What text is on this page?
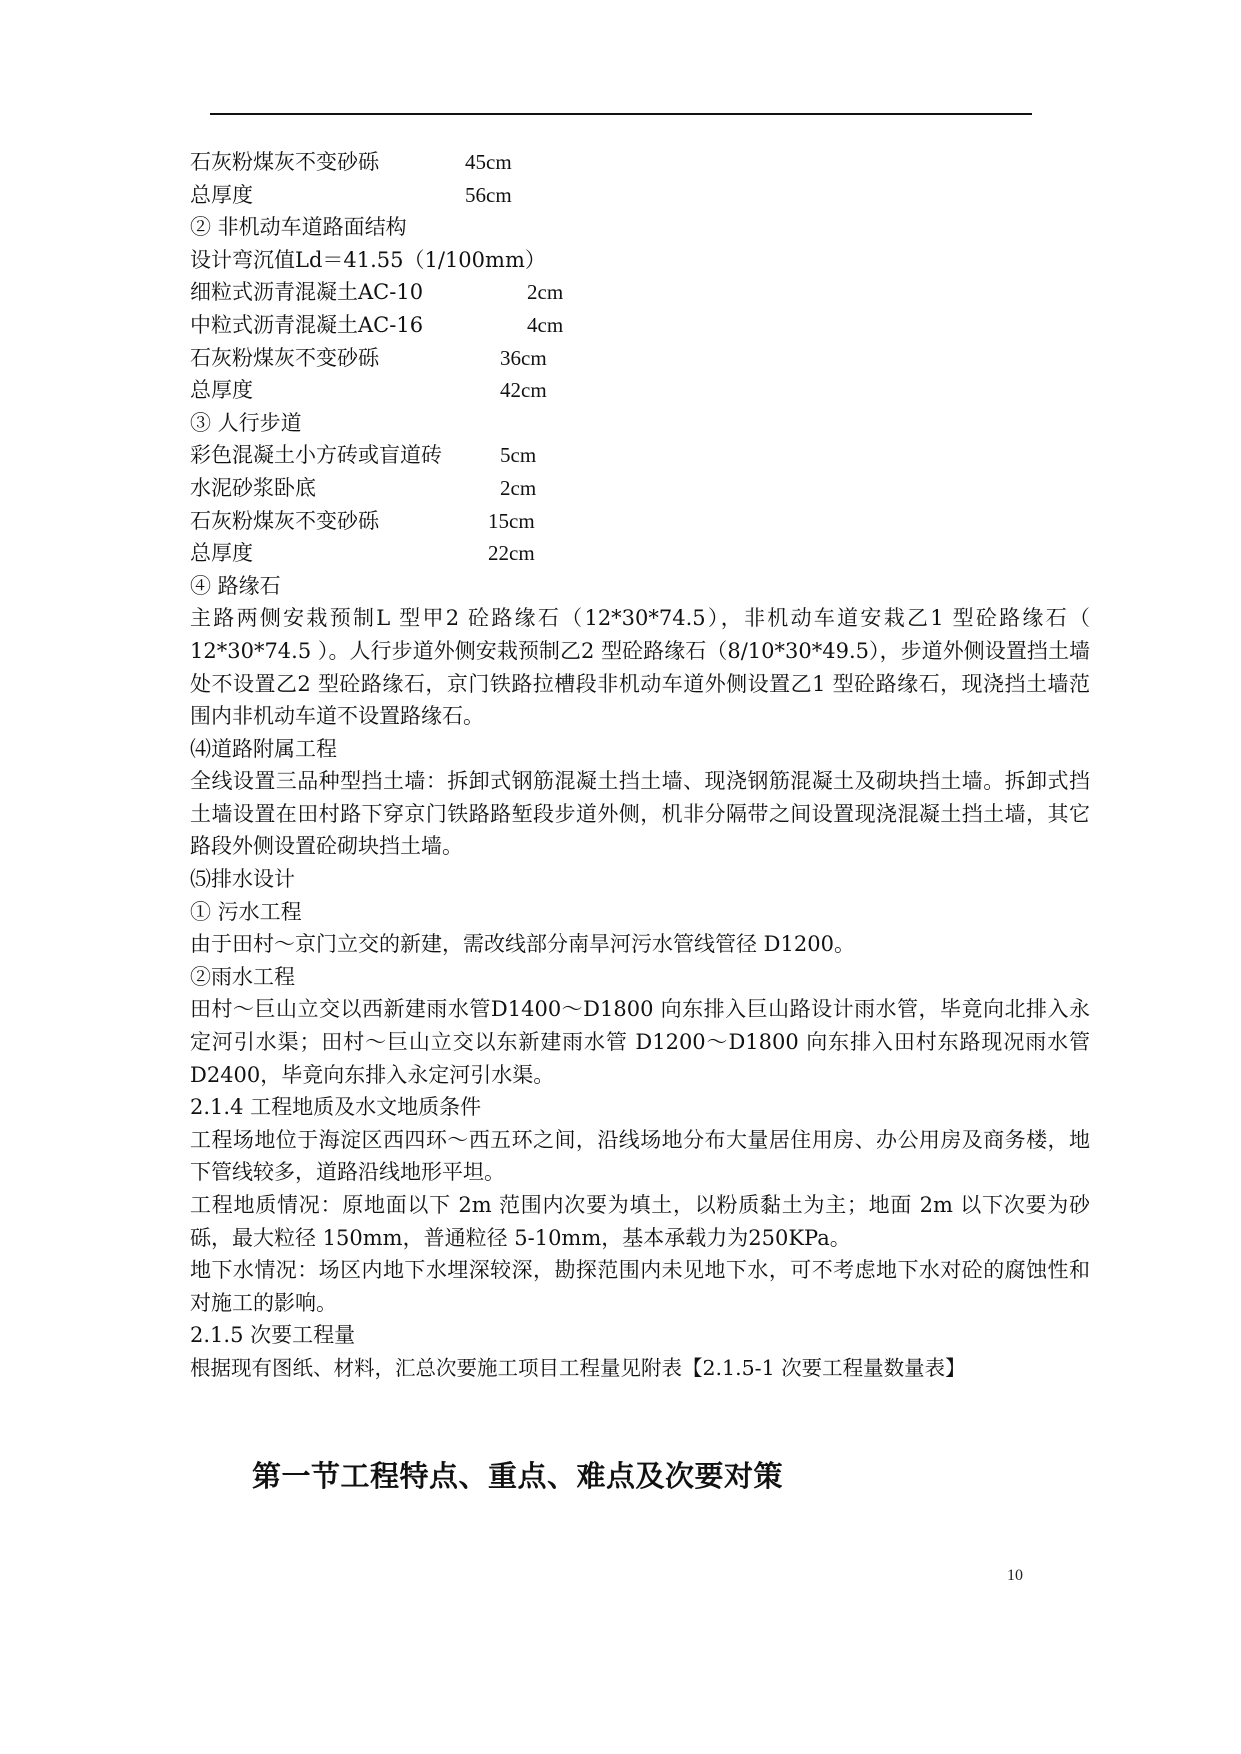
石灰粉煤灰不变砂砾	45cm
总厚度	56cm
② 非机动车道路面结构
设计弯沉值Ld＝41.55（1/100mm）
细粒式沥青混凝土AC-10	2cm
中粒式沥青混凝土AC-16	4cm
石灰粉煤灰不变砂砾	36cm
总厚度	42cm
③ 人行步道
彩色混凝土小方砖或盲道砖	5cm
水泥砂浆卧底	2cm
石灰粉煤灰不变砂砾	15cm
总厚度	22cm
④ 路缘石

主路两侧安栽预制L 型甲2 砼路缘石（12*30*74.5），非机动车道安栽乙1 型砼路缘石（ 12*30*74.5 ）。人行步道外侧安栽预制乙2 型砼路缘石（8/10*30*49.5），步道外侧设置挡土墙处不设置乙2 型砼路缘石，京门铁路拉槽段非机动车道外侧设置乙1 型砼路缘石，现浇挡土墙范围内非机动车道不设置路缘石。

⑷道路附属工程

全线设置三品种型挡土墙：拆卸式钢筋混凝土挡土墙、现浇钢筋混凝土及砌块挡土墙。拆卸式挡土墙设置在田村路下穿京门铁路路堑段步道外侧，机非分隔带之间设置现浇混凝土挡土墙，其它路段外侧设置砼砌块挡土墙。

⑸排水设计
① 污水工程

由于田村～京门立交的新建，需改线部分南旱河污水管线管径 D1200。

②雨水工程

田村～巨山立交以西新建雨水管D1400～D1800 向东排入巨山路设计雨水管，毕竟向北排入永定河引水渠；田村～巨山立交以东新建雨水管 D1200～D1800 向东排入田村东路现况雨水管D2400，毕竟向东排入永定河引水渠。

2.1.4 工程地质及水文地质条件

工程场地位于海淀区西四环～西五环之间，沿线场地分布大量居住用房、办公用房及商务楼，地下管线较多，道路沿线地形平坦。

工程地质情况：原地面以下 2m 范围内次要为填土，以粉质黏土为主；地面 2m 以下次要为砂砾，最大粒径 150mm，普通粒径 5-10mm，基本承载力为250KPa。

地下水情况：场区内地下水埋深较深，勘探范围内未见地下水，可不考虑地下水对砼的腐蚀性和对施工的影响。

2.1.5 次要工程量

根据现有图纸、材料，汇总次要施工项目工程量见附表【2.1.5-1 次要工程量数量表】

第一节工程特点、重点、难点及次要对策
10
